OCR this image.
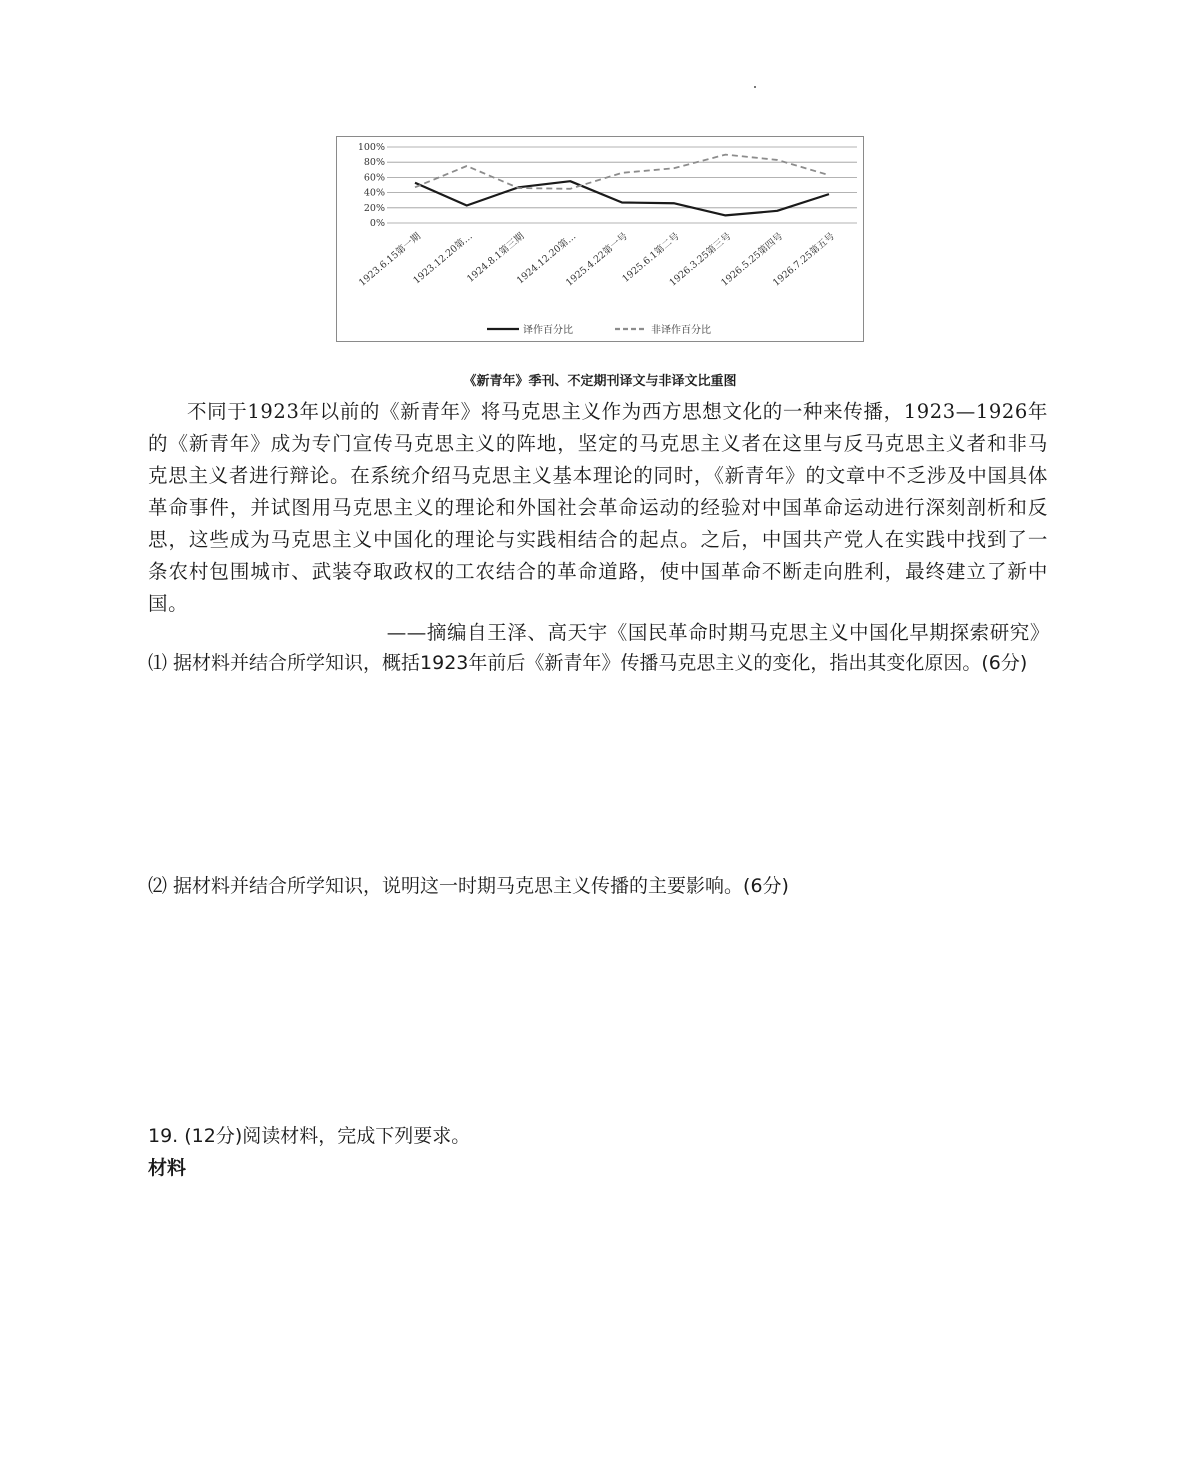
100%
80%
60%
40%
20%
0%
1923.6.15第一期
1923.12.20第…
1924.8.1第三期
1924.12.20第…
1925.4.22第一号
1925.6.1第二号
1926.3.25第三号
1926.5.25第四号
1926.7.25第五号
译作百分比	非译作百分比
《新青年》季刊、不定期刊译文与非译文比重图

不同于1923年以前的《新青年》将马克思主义作为西方思想文化的一种来传播，1923—1926年的《新青年》成为专门宣传马克思主义的阵地，坚定的马克思主义者在这里与反马克思主义者和非马克思主义者进行辩论。在系统介绍马克思主义基本理论的同时，《新青年》的文章中不乏涉及中国具体革命事件，并试图用马克思主义的理论和外国社会革命运动的经验对中国革命运动进行深刻剖析和反思，这些成为马克思主义中国化的理论与实践相结合的起点。之后，中国共产党人在实践中找到了一条农村包围城市、武装夺取政权的工农结合的革命道路，使中国革命不断走向胜利，最终建立了新中国。

——摘编自王泽、高天宇《国民革命时期马克思主义中国化早期探索研究》

⑴ 据材料并结合所学知识，概括1923年前后《新青年》传播马克思主义的变化，指出其变化原因。(6分)

⑵ 据材料并结合所学知识，说明这一时期马克思主义传播的主要影响。(6分)

19. (12分)阅读材料，完成下列要求。

材料
